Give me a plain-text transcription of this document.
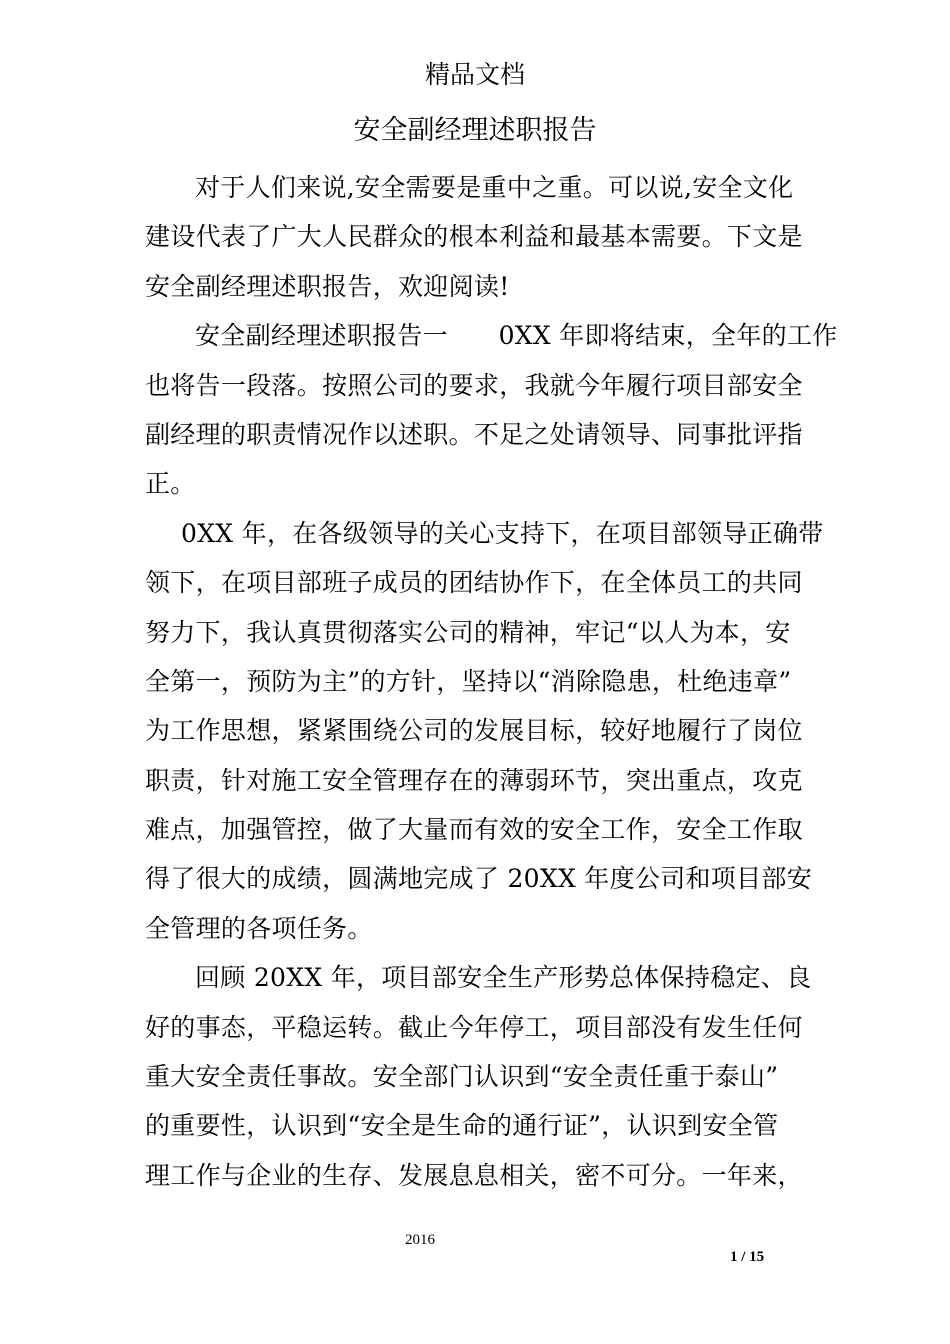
精品文档
安全副经理述职报告
对于人们来说,安全需要是重中之重。可以说,安全文化
建设代表了广大人民群众的根本利益和最基本需要。下文是
安全副经理述职报告，欢迎阅读!
安全副经理述职报告一　　0XX 年即将结束，全年的工作
也将告一段落。按照公司的要求，我就今年履行项目部安全
副经理的职责情况作以述职。不足之处请领导、同事批评指
正。
0XX 年，在各级领导的关心支持下，在项目部领导正确带
领下，在项目部班子成员的团结协作下，在全体员工的共同
努力下，我认真贯彻落实公司的精神，牢记“以人为本，安
全第一，预防为主”的方针，坚持以“消除隐患，杜绝违章”
为工作思想，紧紧围绕公司的发展目标，较好地履行了岗位
职责，针对施工安全管理存在的薄弱环节，突出重点，攻克
难点，加强管控，做了大量而有效的安全工作，安全工作取
得了很大的成绩，圆满地完成了 20XX 年度公司和项目部安
全管理的各项任务。
回顾 20XX 年，项目部安全生产形势总体保持稳定、良
好的事态，平稳运转。截止今年停工，项目部没有发生任何
重大安全责任事故。安全部门认识到“安全责任重于泰山”
的重要性，认识到“安全是生命的通行证”，认识到安全管
理工作与企业的生存、发展息息相关，密不可分。一年来，
2016
1 / 15
